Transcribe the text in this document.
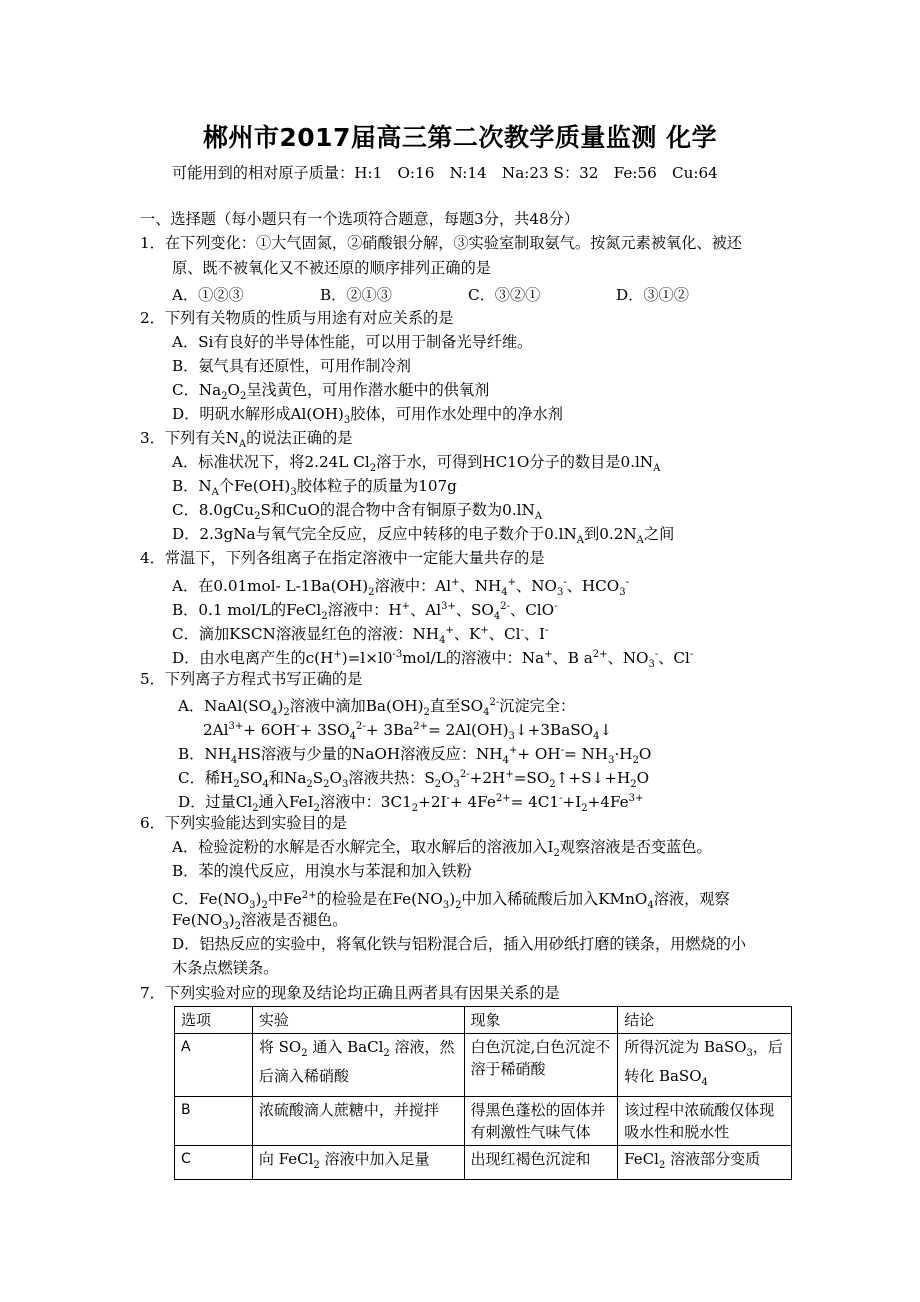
郴州市2017届高三第二次教学质量监测 化学
可能用到的相对原子质量：H:1　O:16　N:14　Na:23 S：32　Fe:56　Cu:64
一、选择题（每小题只有一个选项符合题意，每题3分，共48分）
1．在下列变化：①大气固氮，②硝酸银分解，③实验室制取氨气。按氮元素被氧化、被还
原、既不被氧化又不被还原的顺序排列正确的是
A．①②③	B．②①③	C．③②①	D．③①②
2．下列有关物质的性质与用途有对应关系的是
A．Si有良好的半导体性能，可以用于制备光导纤维。
B．氨气具有还原性，可用作制冷剂
C．$Na_2O_2$呈浅黄色，可用作潜水艇中的供氧剂
D．明矾水解形成$Al(OH)_3$胶体，可用作水处理中的净水剂
3．下列有关$N_A$的说法正确的是
A．标准状况下，将2.24L $Cl_2$溶于水，可得到HC1O分子的数目是$0.lN_A$
B．$N_A$个$Fe(OH)_3$胶体粒子的质量为107g
C．8.0gCu$_2$S和CuO的混合物中含有铜原子数为$0.lN_A$
D．2.3gNa与氧气完全反应，反应中转移的电子数介于$0.lN_A$到$0.2N_A$之间
4．常温下，下列各组离子在指定溶液中一定能大量共存的是
A．在0.01mol- $L-1Ba(OH)_2$溶液中：Al+、$NH_4^+$、$NO_3^-$、$HCO_3^-$
B．0.1 mol/L的FeCl$_2$溶液中：H+、$Al^{3+}$、$SO_4^{2-}$、ClO-
C．滴加KSCN溶液显红色的溶液：$NH_4^+$、K+、Cl-、I-
D．由水电离产生的$c(H^+)=l\times l0^{-3}mol/L$的溶液中：Na+、B $a^{2+}$、$NO_3^-$、Cl-
5．下列离子方程式书写正确的是
A．$NaAl(SO_4)_2$溶液中滴加$Ba(OH)_2$直至$SO_4^{2-}$沉淀完全：
$2Al^{3+}+ 6OH^-+ 3SO_4^{2-}+ 3Ba^{2+}=$ $2Al(OH)_3↓+3BaSO_4↓$
B．$NH_4HS$溶液与少量的NaOH溶液反应：$NH_4^++ OH^-= NH_3\cdot H_2O$
C．稀$H_2SO_4$和$Na_2S_2O_3$溶液共热：$S_2O_3^{2-}+2H^+=SO_2↑+S↓+H_2O$
D．过量$Cl_2$通入FeI$_2$溶液中：$3C1_2+2I^-+ 4Fe^{2+}= 4C1^-+I_2+4Fe^{3+}$
6．下列实验能达到实验目的是
A．检验淀粉的水解是否水解完全，取水解后的溶液加入$I_2$观察溶液是否变蓝色。
B．苯的溴代反应，用溴水与苯混和加入铁粉
C．$Fe(NO_3)_2$中$Fe^{2+}$的检验是在$Fe(NO_3)_2$中加入稀硫酸后加入KMnO$_4$溶液，观察
$Fe(NO_3)_2$溶液是否褪色。
D．铝热反应的实验中，将氧化铁与铝粉混合后，插入用砂纸打磨的镁条，用燃烧的小
木条点燃镁条。
7．下列实验对应的现象及结论均正确且两者具有因果关系的是
选项	实验	现象	结论
A	将 $SO_2$ 通入 BaCl$_2$ 溶液，然后滴入稀硝酸	白色沉淀,白色沉淀不溶于稀硝酸	所得沉淀为 BaSO$_3$，后转化 BaSO$_4$
B	浓硫酸滴人蔗糖中，并搅拌	得黑色蓬松的固体并有刺激性气味气体	该过程中浓硫酸仅体现吸水性和脱水性
C	向 FeCl$_2$ 溶液中加入足量	出现红褐色沉淀和	FeCl$_2$ 溶液部分变质
